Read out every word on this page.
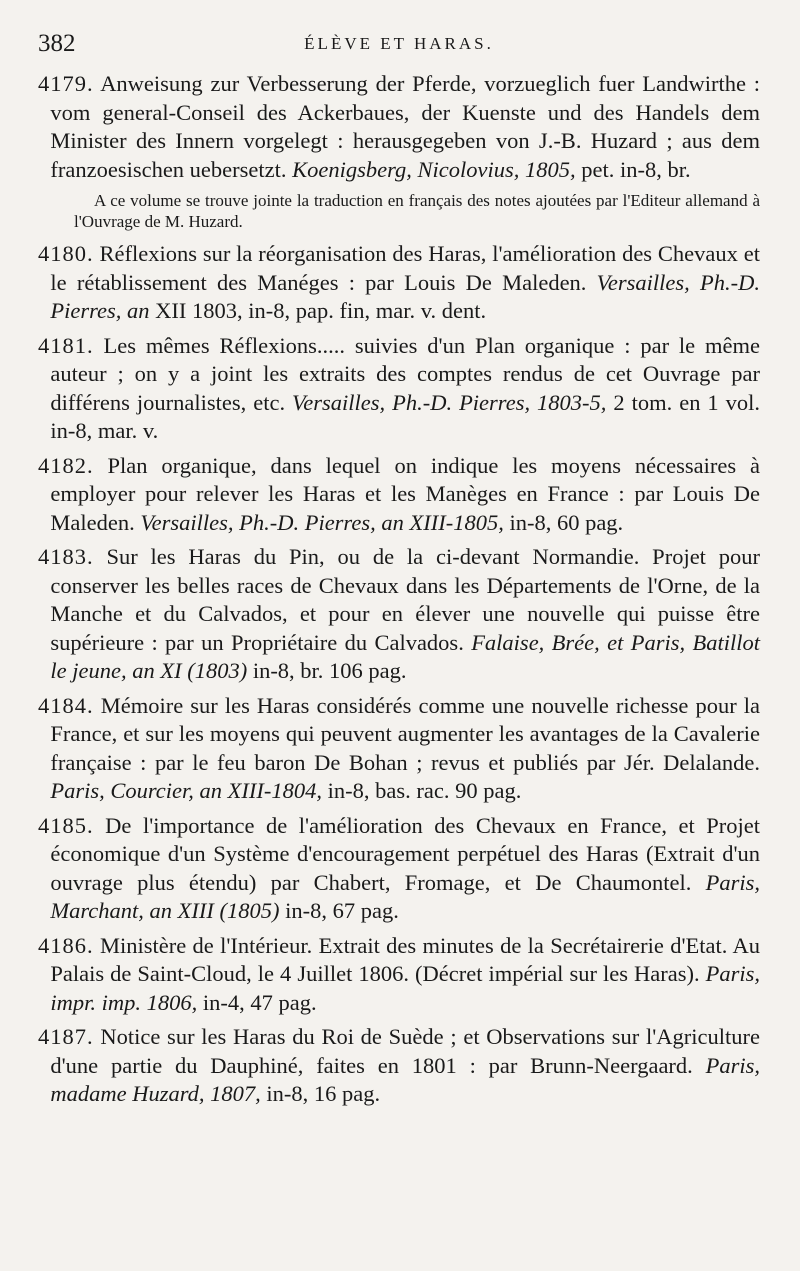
382	ÉLÈVE ET HARAS.

4179. Anweisung zur Verbesserung der Pferde, vorzueglich fuer Landwirthe : vom general-Conseil des Ackerbaues, der Kuenste und des Handels dem Minister des Innern vorgelegt : herausgegeben von J.-B. Huzard ; aus dem franzoesischen uebersetzt. Koenigsberg, Nicolovius, 1805, pet. in-8, br.

A ce volume se trouve jointe la traduction en français des notes ajoutées par l'Editeur allemand à l'Ouvrage de M. Huzard.

4180. Réflexions sur la réorganisation des Haras, l'amélioration des Chevaux et le rétablissement des Manéges : par Louis De Maleden. Versailles, Ph.-D. Pierres, an XII 1803, in-8, pap. fin, mar. v. dent.

4181. Les mêmes Réflexions..... suivies d'un Plan organique : par le même auteur ; on y a joint les extraits des comptes rendus de cet Ouvrage par différens journalistes, etc. Versailles, Ph.-D. Pierres, 1803-5, 2 tom. en 1 vol. in-8, mar. v.

4182. Plan organique, dans lequel on indique les moyens nécessaires à employer pour relever les Haras et les Manèges en France : par Louis De Maleden. Versailles, Ph.-D. Pierres, an XIII-1805, in-8, 60 pag.

4183. Sur les Haras du Pin, ou de la ci-devant Normandie. Projet pour conserver les belles races de Chevaux dans les Départements de l'Orne, de la Manche et du Calvados, et pour en élever une nouvelle qui puisse être supérieure : par un Propriétaire du Calvados. Falaise, Brée, et Paris, Batillot le jeune, an XI (1803) in-8, br. 106 pag.

4184. Mémoire sur les Haras considérés comme une nouvelle richesse pour la France, et sur les moyens qui peuvent augmenter les avantages de la Cavalerie française : par le feu baron De Bohan ; revus et publiés par Jér. Delalande. Paris, Courcier, an XIII-1804, in-8, bas. rac. 90 pag.

4185. De l'importance de l'amélioration des Chevaux en France, et Projet économique d'un Système d'encouragement perpétuel des Haras (Extrait d'un ouvrage plus étendu) par Chabert, Fromage, et De Chaumontel. Paris, Marchant, an XIII (1805) in-8, 67 pag.

4186. Ministère de l'Intérieur. Extrait des minutes de la Secrétairerie d'Etat. Au Palais de Saint-Cloud, le 4 Juillet 1806. (Décret impérial sur les Haras). Paris, impr. imp. 1806, in-4, 47 pag.

4187. Notice sur les Haras du Roi de Suède ; et Observations sur l'Agriculture d'une partie du Dauphiné, faites en 1801 : par Brunn-Neergaard. Paris, madame Huzard, 1807, in-8, 16 pag.
